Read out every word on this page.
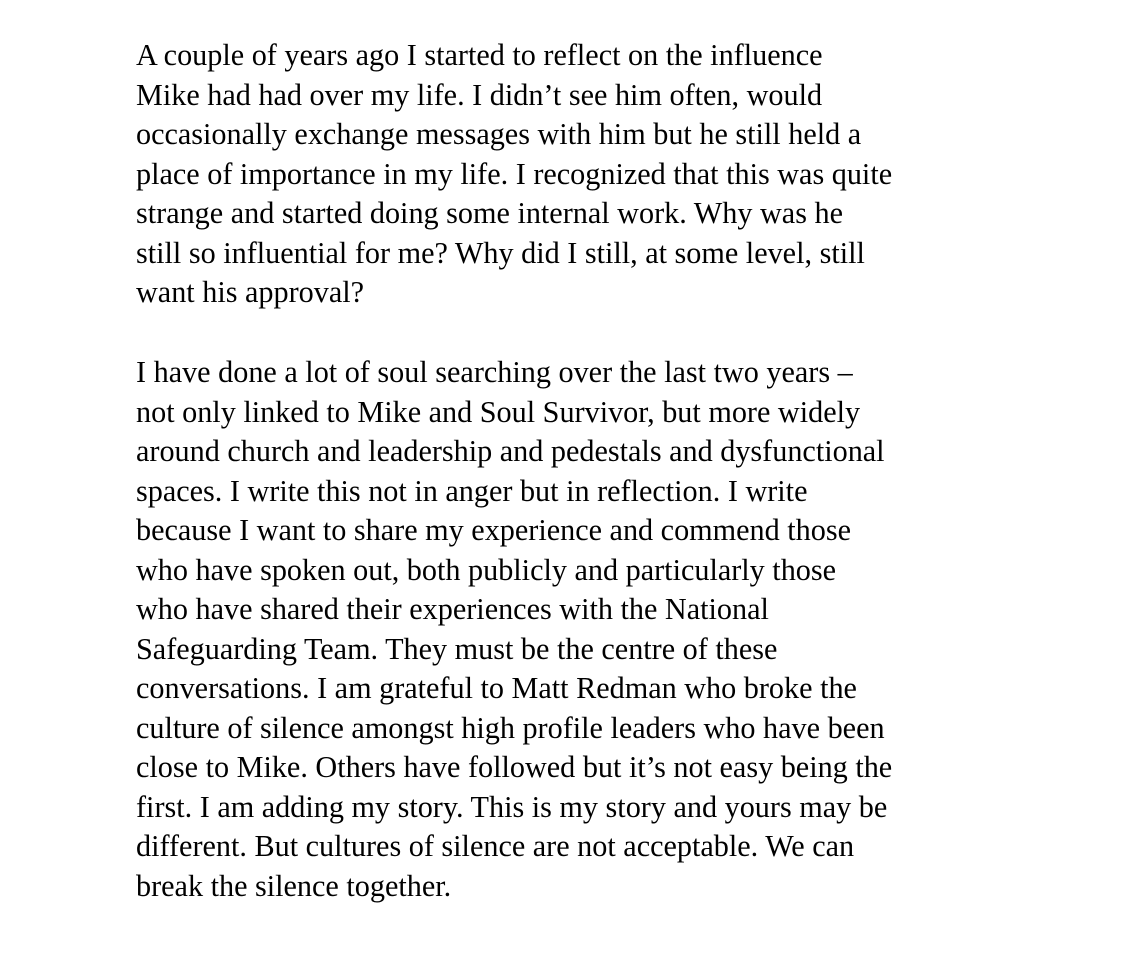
A couple of years ago I started to reflect on the influence
Mike had had over my life. I didn’t see him often, would
occasionally exchange messages with him but he still held a
place of importance in my life. I recognized that this was quite
strange and started doing some internal work. Why was he
still so influential for me? Why did I still, at some level, still
want his approval?
I have done a lot of soul searching over the last two years –
not only linked to Mike and Soul Survivor, but more widely
around church and leadership and pedestals and dysfunctional
spaces. I write this not in anger but in reflection. I write
because I want to share my experience and commend those
who have spoken out, both publicly and particularly those
who have shared their experiences with the National
Safeguarding Team. They must be the centre of these
conversations. I am grateful to Matt Redman who broke the
culture of silence amongst high profile leaders who have been
close to Mike. Others have followed but it’s not easy being the
first. I am adding my story. This is my story and yours may be
different. But cultures of silence are not acceptable. We can
break the silence together.
